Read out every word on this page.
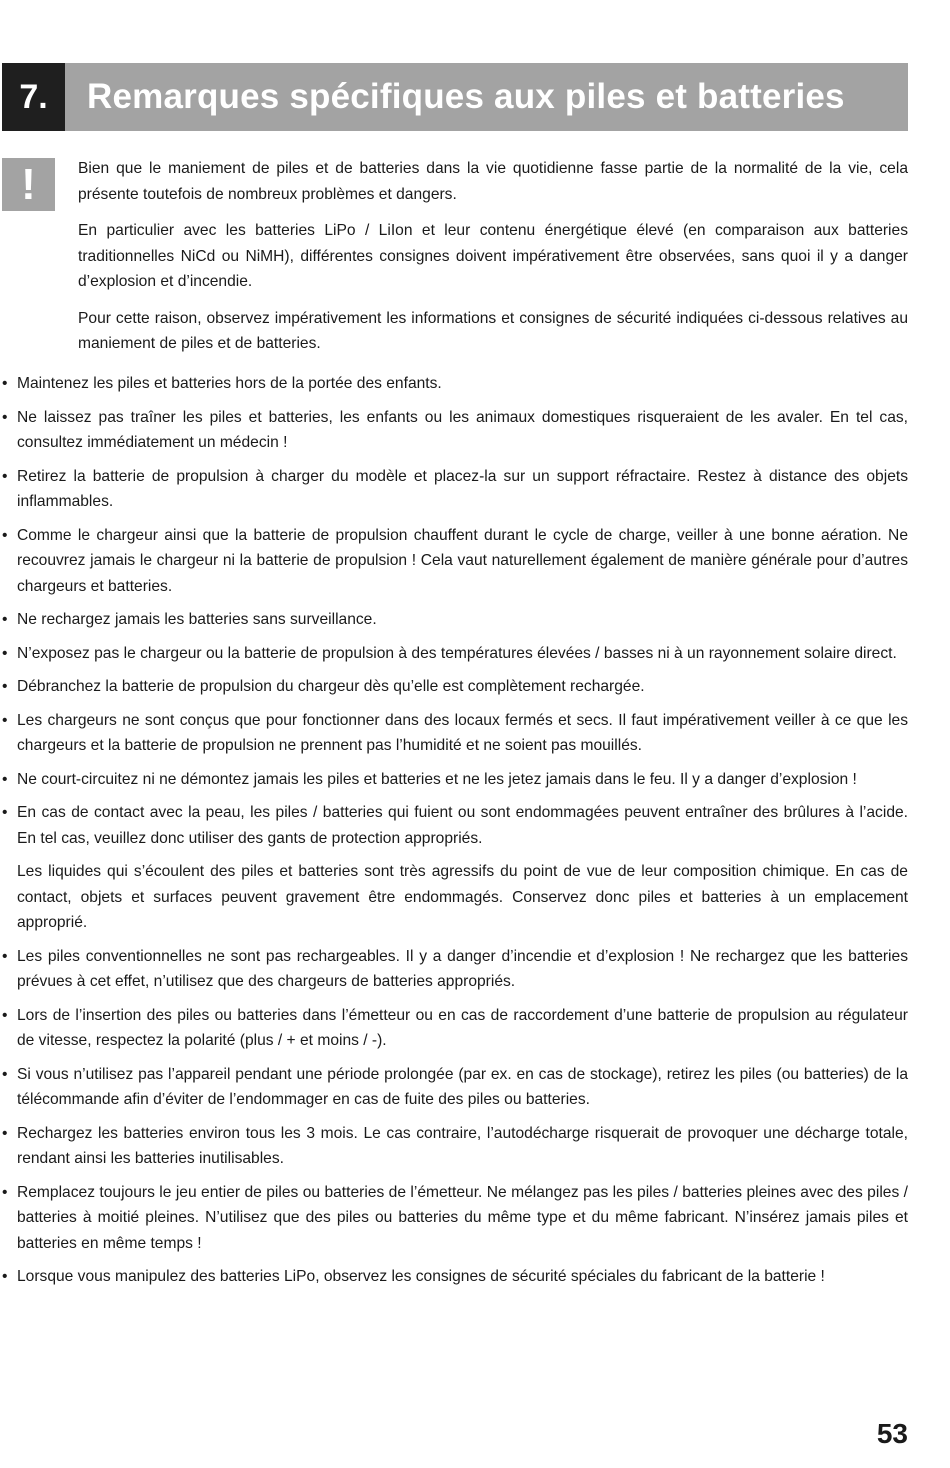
7.	Remarques spécifiques aux piles et batteries
!	Bien que le maniement de piles et de batteries dans la vie quotidienne fasse partie de la normalité de la vie, cela présente toutefois de nombreux problèmes et dangers.

En particulier avec les batteries LiPo / LiIon et leur contenu énergétique élevé (en comparaison aux batteries traditionnelles NiCd ou NiMH), différentes consignes doivent impérativement être observées, sans quoi il y a danger d’explosion et d’incendie.

Pour cette raison, observez impérativement les informations et consignes de sécurité indiquées ci-dessous relatives au maniement de piles et de batteries.

• Maintenez les piles et batteries hors de la portée des enfants.
• Ne laissez pas traîner les piles et batteries, les enfants ou les animaux domestiques risqueraient de les avaler. En tel cas, consultez immédiatement un médecin !
• Retirez la batterie de propulsion à charger du modèle et placez-la sur un support réfractaire. Restez à distance des objets inflammables.
• Comme le chargeur ainsi que la batterie de propulsion chauffent durant le cycle de charge, veiller à une bonne aération. Ne recouvrez jamais le chargeur ni la batterie de propulsion ! Cela vaut naturellement également de manière générale pour d’autres chargeurs et batteries.
• Ne rechargez jamais les batteries sans surveillance.
• N’exposez pas le chargeur ou la batterie de propulsion à des températures élevées / basses ni à un rayonnement solaire direct.
• Débranchez la batterie de propulsion du chargeur dès qu’elle est complètement rechargée.
• Les chargeurs ne sont conçus que pour fonctionner dans des locaux fermés et secs. Il faut impérativement veiller à ce que les chargeurs et la batterie de propulsion ne prennent pas l’humidité et ne soient pas mouillés.
• Ne court-circuitez ni ne démontez jamais les piles et batteries et ne les jetez jamais dans le feu. Il y a danger d’explosion !
• En cas de contact avec la peau, les piles / batteries qui fuient ou sont endommagées peuvent entraîner des brûlures à l’acide. En tel cas, veuillez donc utiliser des gants de protection appropriés.
Les liquides qui s’écoulent des piles et batteries sont très agressifs du point de vue de leur composition chimique. En cas de contact, objets et surfaces peuvent gravement être endommagés. Conservez donc piles et batteries à un emplacement approprié.
• Les piles conventionnelles ne sont pas rechargeables. Il y a danger d’incendie et d’explosion ! Ne rechargez que les batteries prévues à cet effet, n’utilisez que des chargeurs de batteries appropriés.
• Lors de l’insertion des piles ou batteries dans l’émetteur ou en cas de raccordement d’une batterie de propulsion au régulateur de vitesse, respectez la polarité (plus / + et moins / -).
• Si vous n’utilisez pas l’appareil pendant une période prolongée (par ex. en cas de stockage), retirez les piles (ou batteries) de la télécommande afin d’éviter de l’endommager en cas de fuite des piles ou batteries.
• Rechargez les batteries environ tous les 3 mois. Le cas contraire, l’autodécharge risquerait de provoquer une décharge totale, rendant ainsi les batteries inutilisables.
• Remplacez toujours le jeu entier de piles ou batteries de l’émetteur. Ne mélangez pas les piles / batteries pleines avec des piles / batteries à moitié pleines. N’utilisez que des piles ou batteries du même type et du même fabricant. N’insérez jamais piles et batteries en même temps !
• Lorsque vous manipulez des batteries LiPo, observez les consignes de sécurité spéciales du fabricant de la batterie !
53
